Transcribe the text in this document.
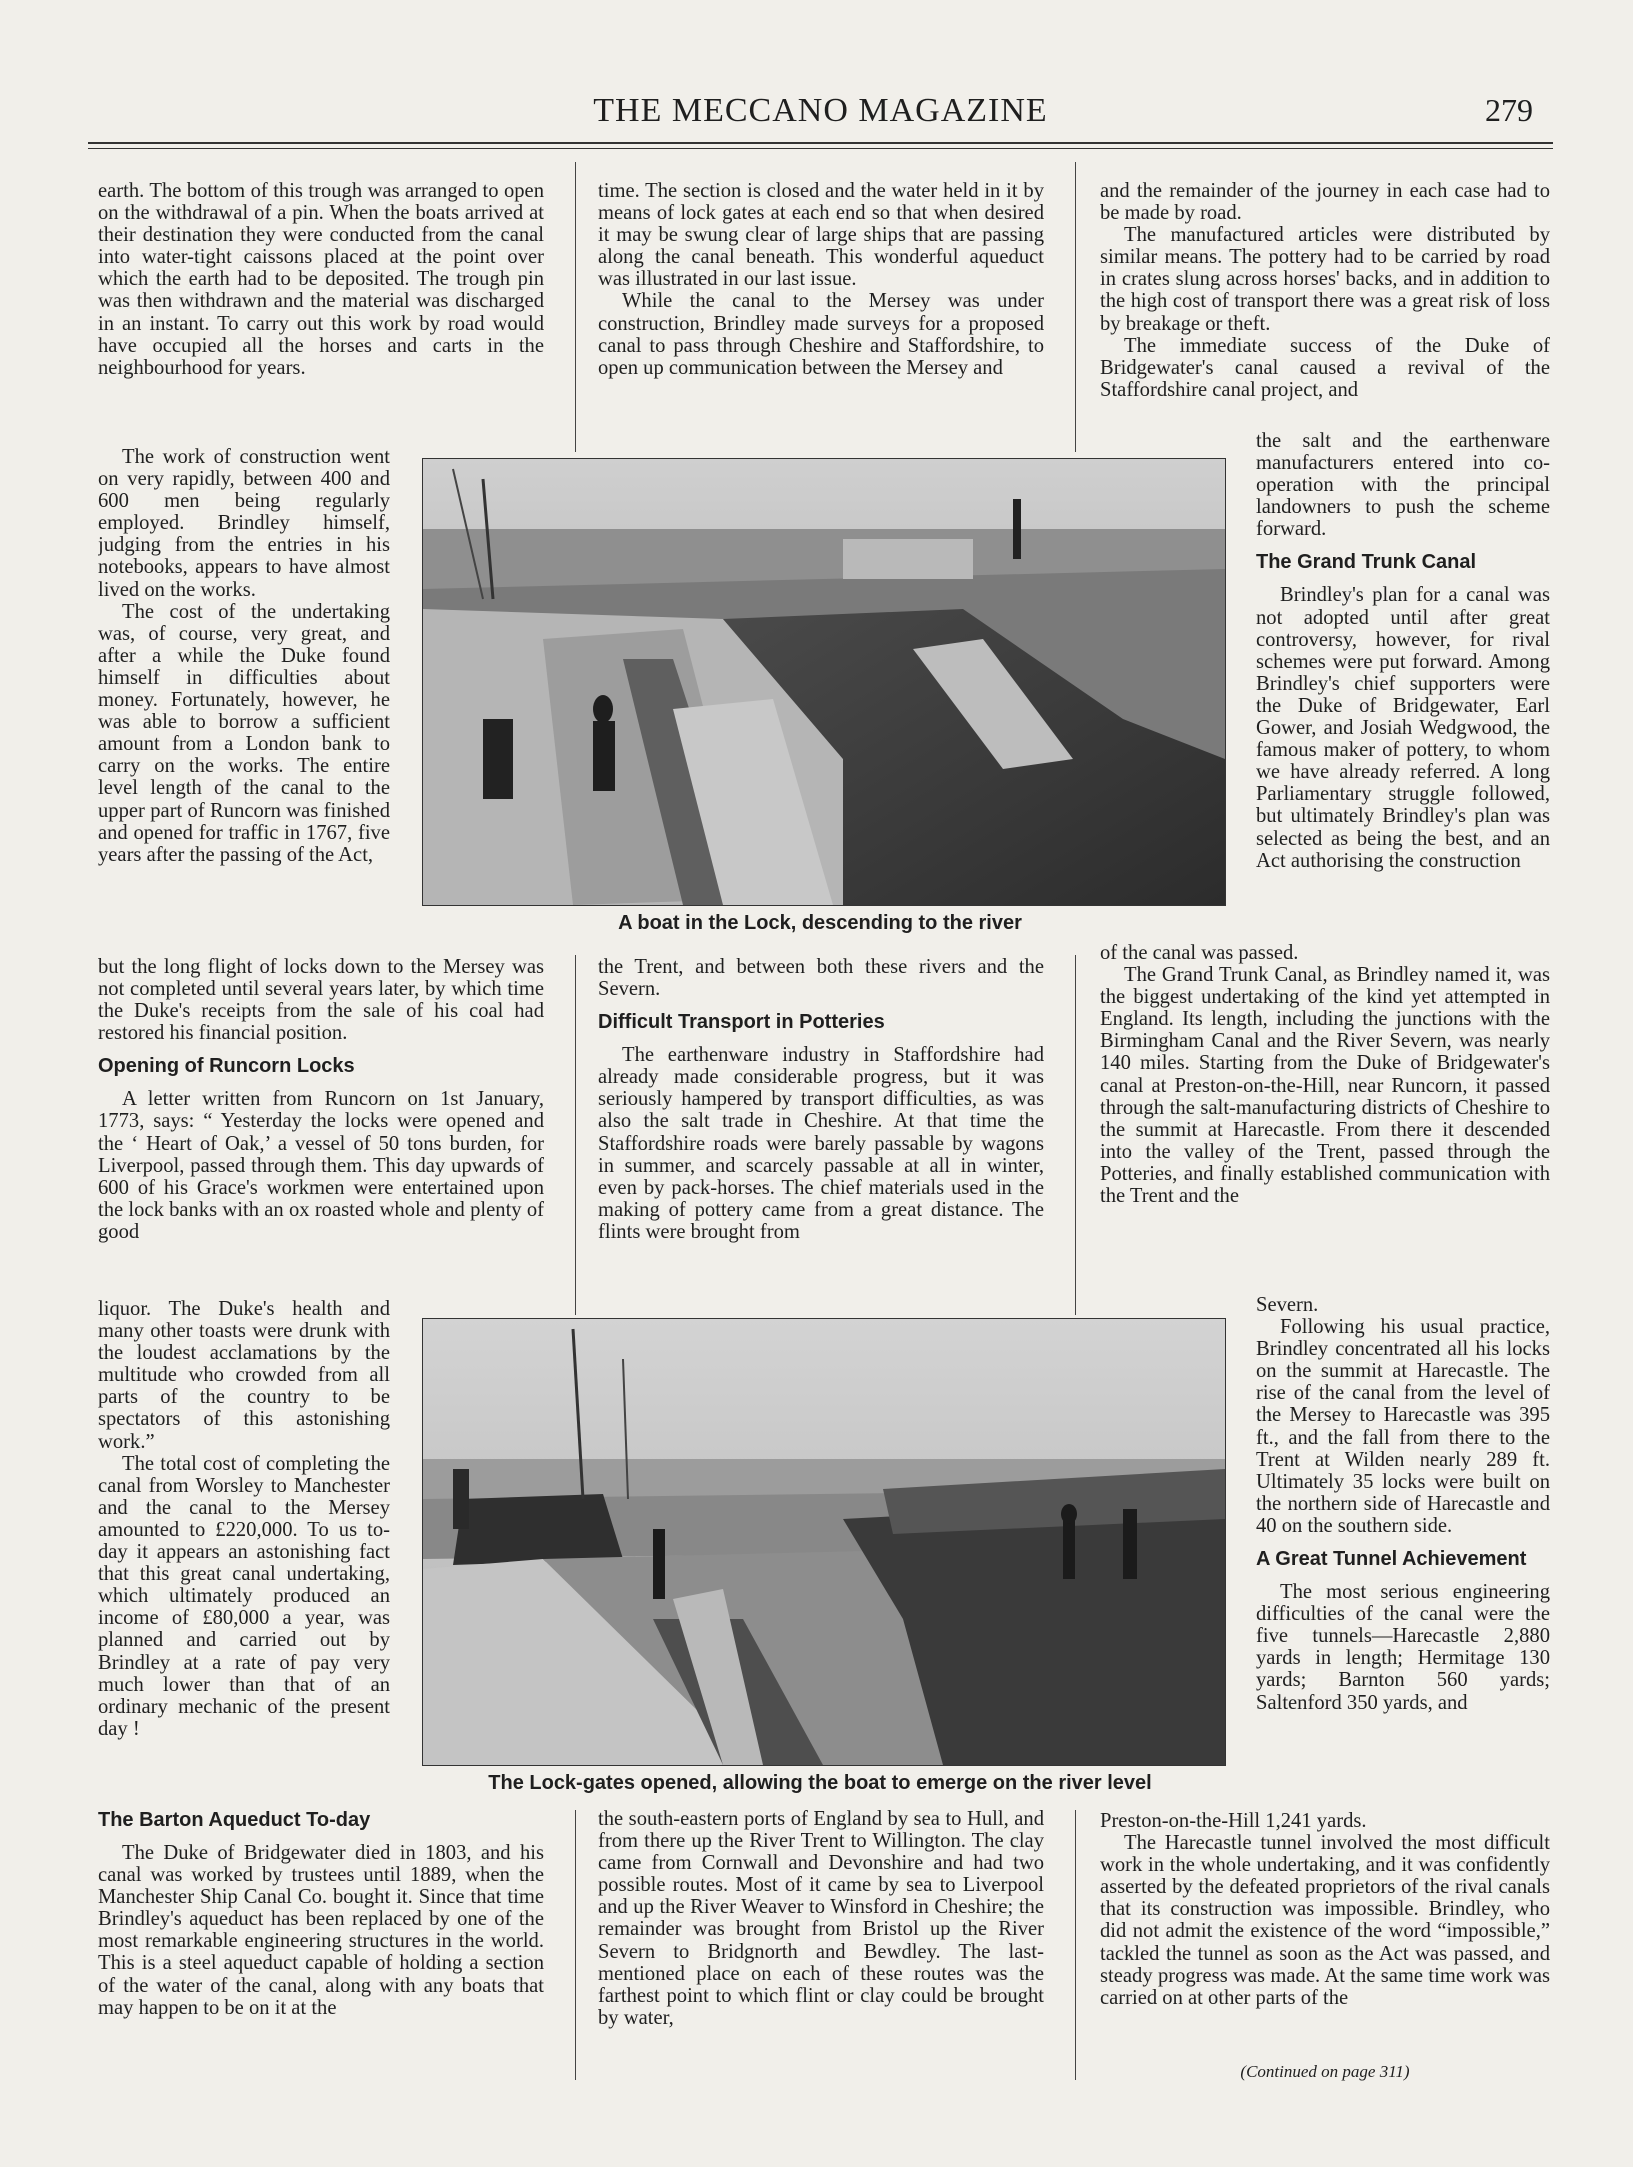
THE MECCANO MAGAZINE	279

earth. The bottom of this trough was arranged to open on the withdrawal of a pin. When the boats arrived at their destination they were conducted from the canal into water-tight caissons placed at the point over which the earth had to be deposited. The trough pin was then withdrawn and the material was discharged in an instant. To carry out this work by road would have occupied all the horses and carts in the neighbourhood for years.

The work of construction went on very rapidly, between 400 and 600 men being regularly employed. Brindley himself, judging from the entries in his notebooks, appears to have almost lived on the works.

The cost of the undertaking was, of course, very great, and after a while the Duke found himself in difficulties about money. Fortunately, however, he was able to borrow a sufficient amount from a London bank to carry on the works. The entire level length of the canal to the upper part of Runcorn was finished and opened for traffic in 1767, five years after the passing of the Act,

but the long flight of locks down to the Mersey was not completed until several years later, by which time the Duke's receipts from the sale of his coal had restored his financial position.

Opening of Runcorn Locks

A letter written from Runcorn on 1st January, 1773, says: “ Yesterday the locks were opened and the ‘ Heart of Oak,’ a vessel of 50 tons burden, for Liverpool, passed through them. This day upwards of 600 of his Grace's workmen were entertained upon the lock banks with an ox roasted whole and plenty of good

liquor. The Duke's health and many other toasts were drunk with the loudest acclamations by the multitude who crowded from all parts of the country to be spectators of this astonishing work.”

The total cost of completing the canal from Worsley to Manchester and the canal to the Mersey amounted to £220,000. To us to-day it appears an astonishing fact that this great canal undertaking, which ultimately produced an income of £80,000 a year, was planned and carried out by Brindley at a rate of pay very much lower than that of an ordinary mechanic of the present day !

The Barton Aqueduct To-day

The Duke of Bridgewater died in 1803, and his canal was worked by trustees until 1889, when the Manchester Ship Canal Co. bought it. Since that time Brindley's aqueduct has been replaced by one of the most remarkable engineering structures in the world. This is a steel aqueduct capable of holding a section of the water of the canal, along with any boats that may happen to be on it at the

time. The section is closed and the water held in it by means of lock gates at each end so that when desired it may be swung clear of large ships that are passing along the canal beneath. This wonderful aqueduct was illustrated in our last issue.

While the canal to the Mersey was under construction, Brindley made surveys for a proposed canal to pass through Cheshire and Staffordshire, to open up communication between the Mersey and

the Trent, and between both these rivers and the Severn.

Difficult Transport in Potteries

The earthenware industry in Staffordshire had already made considerable progress, but it was seriously hampered by transport difficulties, as was also the salt trade in Cheshire. At that time the Staffordshire roads were barely passable by wagons in summer, and scarcely passable at all in winter, even by pack-horses. The chief materials used in the making of pottery came from a great distance. The flints were brought from

the south-eastern ports of England by sea to Hull, and from there up the River Trent to Willington. The clay came from Cornwall and Devonshire and had two possible routes. Most of it came by sea to Liverpool and up the River Weaver to Winsford in Cheshire; the remainder was brought from Bristol up the River Severn to Bridgnorth and Bewdley. The last-mentioned place on each of these routes was the farthest point to which flint or clay could be brought by water,

and the remainder of the journey in each case had to be made by road.

The manufactured articles were distributed by similar means. The pottery had to be carried by road in crates slung across horses' backs, and in addition to the high cost of transport there was a great risk of loss by breakage or theft.

The immediate success of the Duke of Bridgewater's canal caused a revival of the Staffordshire canal project, and

the salt and the earthenware manufacturers entered into co-operation with the principal landowners to push the scheme forward.

The Grand Trunk Canal

Brindley's plan for a canal was not adopted until after great controversy, however, for rival schemes were put forward. Among Brindley's chief supporters were the Duke of Bridgewater, Earl Gower, and Josiah Wedgwood, the famous maker of pottery, to whom we have already referred. A long Parliamentary struggle followed, but ultimately Brindley's plan was selected as being the best, and an Act authorising the construction

of the canal was passed.

The Grand Trunk Canal, as Brindley named it, was the biggest undertaking of the kind yet attempted in England. Its length, including the junctions with the Birmingham Canal and the River Severn, was nearly 140 miles. Starting from the Duke of Bridgewater's canal at Preston-on-the-Hill, near Runcorn, it passed through the salt-manufacturing districts of Cheshire to the summit at Harecastle. From there it descended into the valley of the Trent, passed through the Potteries, and finally established communication with the Trent and the

Severn.

Following his usual practice, Brindley concentrated all his locks on the summit at Harecastle. The rise of the canal from the level of the Mersey to Harecastle was 395 ft., and the fall from there to the Trent at Wilden nearly 289 ft. Ultimately 35 locks were built on the northern side of Harecastle and 40 on the southern side.

A Great Tunnel Achievement

The most serious engineering difficulties of the canal were the five tunnels—Harecastle 2,880 yards in length; Hermitage 130 yards; Barnton 560 yards; Saltenford 350 yards, and

Preston-on-the-Hill 1,241 yards.

The Harecastle tunnel involved the most difficult work in the whole undertaking, and it was confidently asserted by the defeated proprietors of the rival canals that its construction was impossible. Brindley, who did not admit the existence of the word “impossible,” tackled the tunnel as soon as the Act was passed, and steady progress was made. At the same time work was carried on at other parts of the

(Continued on page 311)
A boat in the Lock, descending to the river
The Lock-gates opened, allowing the boat to emerge on the river level
